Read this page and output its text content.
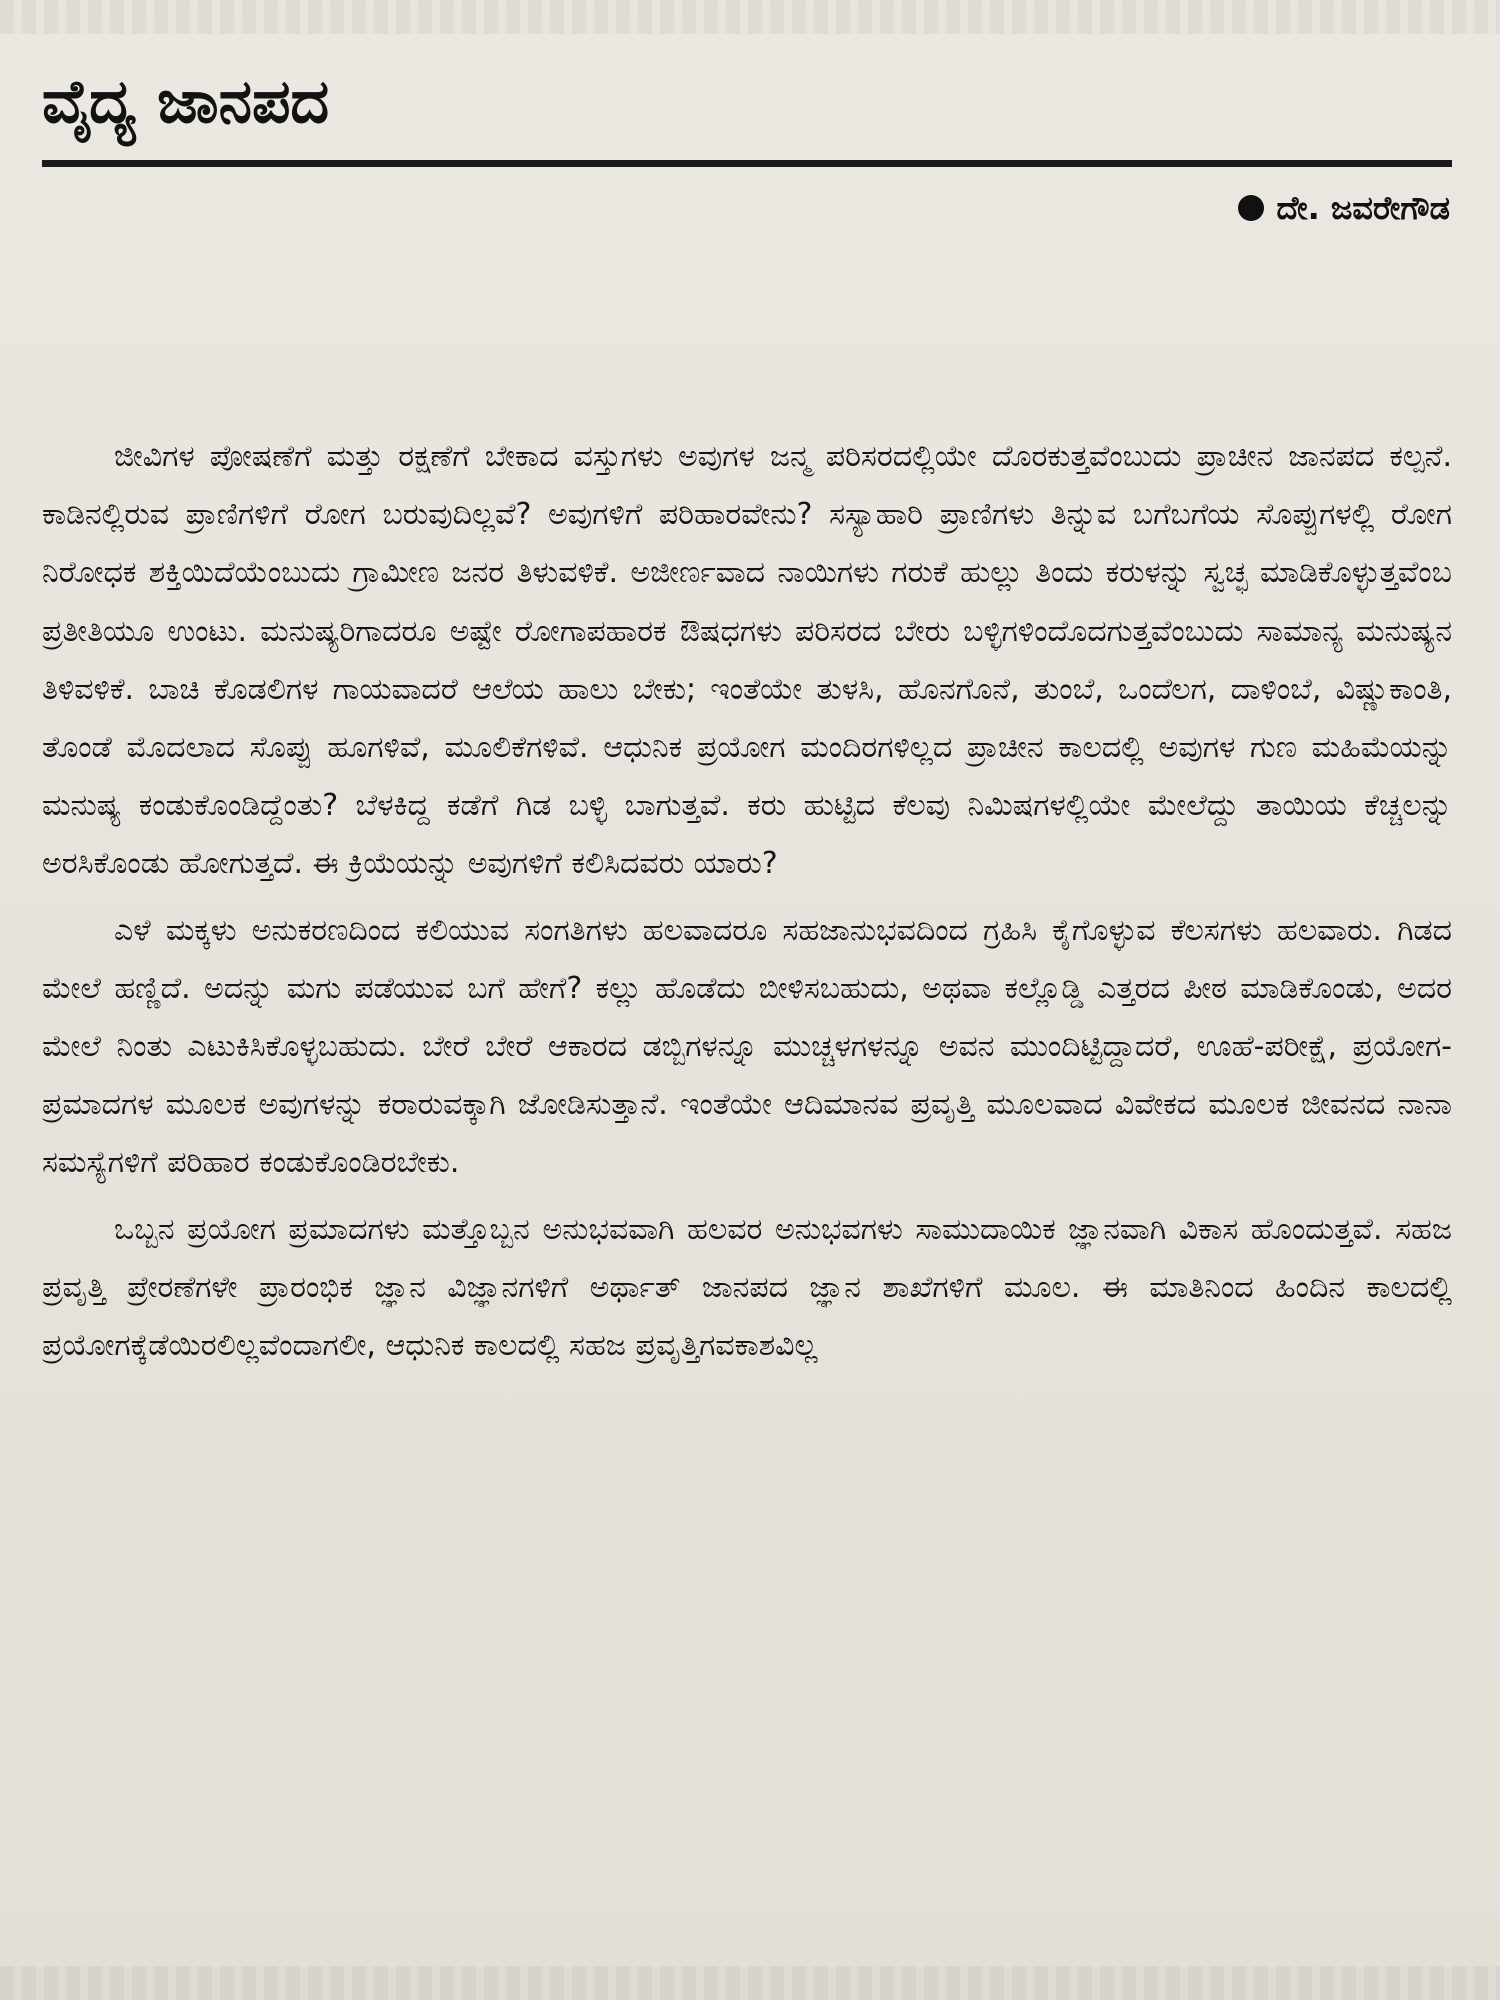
ವೈದ್ಯ ಜಾನಪದ
ದೇ. ಜವರೇಗೌಡ

ಜೀವಿಗಳ ಪೋಷಣೆಗೆ ಮತ್ತು ರಕ್ಷಣೆಗೆ ಬೇಕಾದ ವಸ್ತುಗಳು ಅವುಗಳ ಜನ್ಮ ಪರಿಸರದಲ್ಲಿಯೇ ದೊರಕುತ್ತವೆಂಬುದು ಪ್ರಾಚೀನ ಜಾನಪದ ಕಲ್ಪನೆ. ಕಾಡಿನಲ್ಲಿರುವ ಪ್ರಾಣಿಗಳಿಗೆ ರೋಗ ಬರುವುದಿಲ್ಲವೆ? ಅವುಗಳಿಗೆ ಪರಿಹಾರವೇನು? ಸಸ್ಯಾಹಾರಿ ಪ್ರಾಣಿಗಳು ತಿನ್ನುವ ಬಗೆಬಗೆಯ ಸೊಪ್ಪುಗಳಲ್ಲಿ ರೋಗ ನಿರೋಧಕ ಶಕ್ತಿಯಿದೆಯೆಂಬುದು ಗ್ರಾಮೀಣ ಜನರ ತಿಳುವಳಿಕೆ. ಅಜೀರ್ಣವಾದ ನಾಯಿಗಳು ಗರುಕೆ ಹುಲ್ಲು ತಿಂದು ಕರುಳನ್ನು ಸ್ವಚ್ಛ ಮಾಡಿಕೊಳ್ಳುತ್ತವೆಂಬ ಪ್ರತೀತಿಯೂ ಉಂಟು. ಮನುಷ್ಯರಿಗಾದರೂ ಅಷ್ಟೇ ರೋಗಾಪಹಾರಕ ಔಷಧಗಳು ಪರಿಸರದ ಬೇರು ಬಳ್ಳಿಗಳಿಂದೊದಗುತ್ತವೆಂಬುದು ಸಾಮಾನ್ಯ ಮನುಷ್ಯನ ತಿಳಿವಳಿಕೆ. ಬಾಚಿ ಕೊಡಲಿಗಳ ಗಾಯವಾದರೆ ಆಲೆಯ ಹಾಲು ಬೇಕು; ಇಂತೆಯೇ ತುಳಸಿ, ಹೊನಗೊನೆ, ತುಂಬೆ, ಒಂದೆಲಗ, ದಾಳಿಂಬೆ, ವಿಷ್ಣುಕಾಂತಿ, ತೊಂಡೆ ಮೊದಲಾದ ಸೊಪ್ಪು ಹೂಗಳಿವೆ, ಮೂಲಿಕೆಗಳಿವೆ. ಆಧುನಿಕ ಪ್ರಯೋಗ ಮಂದಿರಗಳಿಲ್ಲದ ಪ್ರಾಚೀನ ಕಾಲದಲ್ಲಿ ಅವುಗಳ ಗುಣ ಮಹಿಮೆಯನ್ನು ಮನುಷ್ಯ ಕಂಡುಕೊಂಡಿದ್ದೆಂತು? ಬೆಳಕಿದ್ದ ಕಡೆಗೆ ಗಿಡ ಬಳ್ಳಿ ಬಾಗುತ್ತವೆ. ಕರು ಹುಟ್ಟಿದ ಕೆಲವು ನಿಮಿಷಗಳಲ್ಲಿಯೇ ಮೇಲೆದ್ದು ತಾಯಿಯ ಕೆಚ್ಚಲನ್ನು ಅರಸಿಕೊಂಡು ಹೋಗುತ್ತದೆ. ಈ ಕ್ರಿಯೆಯನ್ನು ಅವುಗಳಿಗೆ ಕಲಿಸಿದವರು ಯಾರು?

ಎಳೆ ಮಕ್ಕಳು ಅನುಕರಣದಿಂದ ಕಲಿಯುವ ಸಂಗತಿಗಳು ಹಲವಾದರೂ ಸಹಜಾನುಭವದಿಂದ ಗ್ರಹಿಸಿ ಕೈಗೊಳ್ಳುವ ಕೆಲಸಗಳು ಹಲವಾರು. ಗಿಡದ ಮೇಲೆ ಹಣ್ಣಿದೆ. ಅದನ್ನು ಮಗು ಪಡೆಯುವ ಬಗೆ ಹೇಗೆ? ಕಲ್ಲು ಹೊಡೆದು ಬೀಳಿಸಬಹುದು, ಅಥವಾ ಕಲ್ಲೊಡ್ಡಿ ಎತ್ತರದ ಪೀಠ ಮಾಡಿಕೊಂಡು, ಅದರ ಮೇಲೆ ನಿಂತು ಎಟುಕಿಸಿಕೊಳ್ಳಬಹುದು. ಬೇರೆ ಬೇರೆ ಆಕಾರದ ಡಬ್ಬಿಗಳನ್ನೂ ಮುಚ್ಚಳಗಳನ್ನೂ ಅವನ ಮುಂದಿಟ್ಟಿದ್ದಾದರೆ, ಊಹೆ-ಪರೀಕ್ಷೆ, ಪ್ರಯೋಗ-ಪ್ರಮಾದಗಳ ಮೂಲಕ ಅವುಗಳನ್ನು ಕರಾರುವಕ್ಕಾಗಿ ಜೋಡಿಸುತ್ತಾನೆ. ಇಂತೆಯೇ ಆದಿಮಾನವ ಪ್ರವೃತ್ತಿ ಮೂಲವಾದ ವಿವೇಕದ ಮೂಲಕ ಜೀವನದ ನಾನಾ ಸಮಸ್ಯೆಗಳಿಗೆ ಪರಿಹಾರ ಕಂಡುಕೊಂಡಿರಬೇಕು.

ಒಬ್ಬನ ಪ್ರಯೋಗ ಪ್ರಮಾದಗಳು ಮತ್ತೊಬ್ಬನ ಅನುಭವವಾಗಿ ಹಲವರ ಅನುಭವಗಳು ಸಾಮುದಾಯಿಕ ಜ್ಞಾನವಾಗಿ ವಿಕಾಸ ಹೊಂದುತ್ತವೆ. ಸಹಜ ಪ್ರವೃತ್ತಿ ಪ್ರೇರಣೆಗಳೇ ಪ್ರಾರಂಭಿಕ ಜ್ಞಾನ ವಿಜ್ಞಾನಗಳಿಗೆ ಅರ್ಥಾತ್ ಜಾನಪದ ಜ್ಞಾನ ಶಾಖೆಗಳಿಗೆ ಮೂಲ. ಈ ಮಾತಿನಿಂದ ಹಿಂದಿನ ಕಾಲದಲ್ಲಿ ಪ್ರಯೋಗಕ್ಕೆಡೆಯಿರಲಿಲ್ಲವೆಂದಾಗಲೀ, ಆಧುನಿಕ ಕಾಲದಲ್ಲಿ ಸಹಜ ಪ್ರವೃತ್ತಿಗವಕಾಶವಿಲ್ಲ
